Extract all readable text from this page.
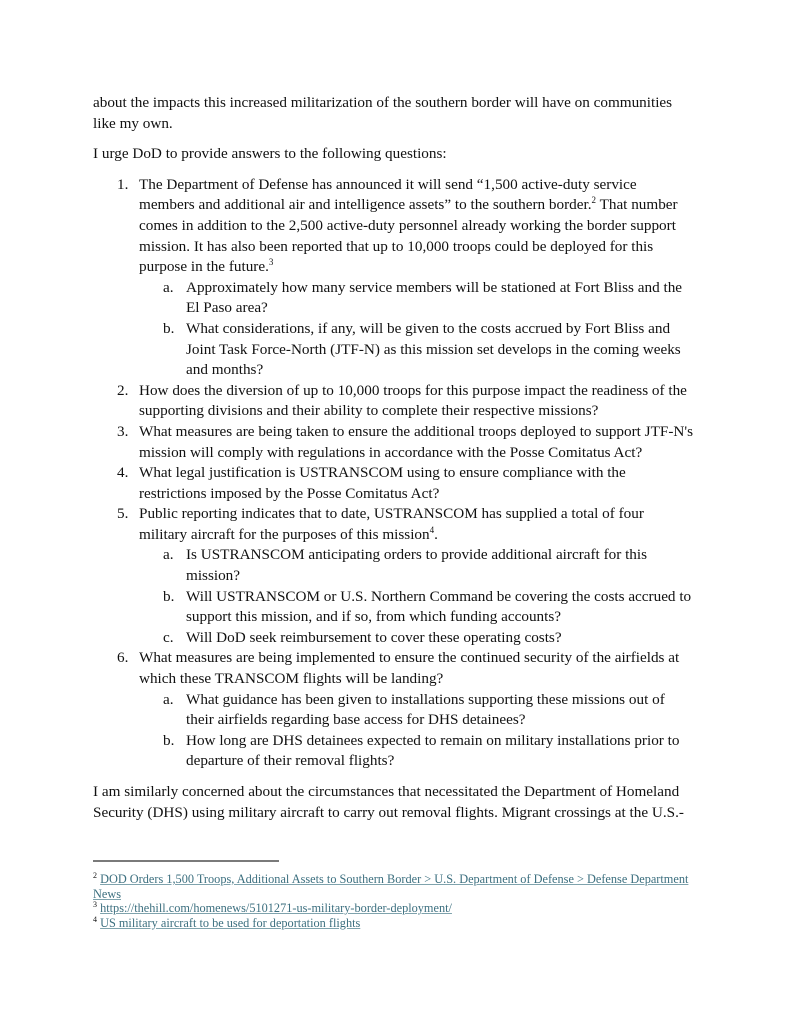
about the impacts this increased militarization of the southern border will have on communities like my own.

I urge DoD to provide answers to the following questions:

1. The Department of Defense has announced it will send “1,500 active-duty service members and additional air and intelligence assets” to the southern border.$^2$ That number comes in addition to the 2,500 active-duty personnel already working the border support mission. It has also been reported that up to 10,000 troops could be deployed for this purpose in the future.$^3$
a. Approximately how many service members will be stationed at Fort Bliss and the El Paso area?
b. What considerations, if any, will be given to the costs accrued by Fort Bliss and Joint Task Force-North (JTF-N) as this mission set develops in the coming weeks and months?
2. How does the diversion of up to 10,000 troops for this purpose impact the readiness of the supporting divisions and their ability to complete their respective missions?
3. What measures are being taken to ensure the additional troops deployed to support JTF-N's mission will comply with regulations in accordance with the Posse Comitatus Act?
4. What legal justification is USTRANSCOM using to ensure compliance with the restrictions imposed by the Posse Comitatus Act?
5. Public reporting indicates that to date, USTRANSCOM has supplied a total of four military aircraft for the purposes of this mission$^4$.
a. Is USTRANSCOM anticipating orders to provide additional aircraft for this mission?
b. Will USTRANSCOM or U.S. Northern Command be covering the costs accrued to support this mission, and if so, from which funding accounts?
c. Will DoD seek reimbursement to cover these operating costs?
6. What measures are being implemented to ensure the continued security of the airfields at which these TRANSCOM flights will be landing?
a. What guidance has been given to installations supporting these missions out of their airfields regarding base access for DHS detainees?
b. How long are DHS detainees expected to remain on military installations prior to departure of their removal flights?

I am similarly concerned about the circumstances that necessitated the Department of Homeland Security (DHS) using military aircraft to carry out removal flights. Migrant crossings at the U.S.-

$^2$ DOD Orders 1,500 Troops, Additional Assets to Southern Border > U.S. Department of Defense > Defense Department News

$^3$ https://thehill.com/homenews/5101271-us-military-border-deployment/

$^4$ US military aircraft to be used for deportation flights
